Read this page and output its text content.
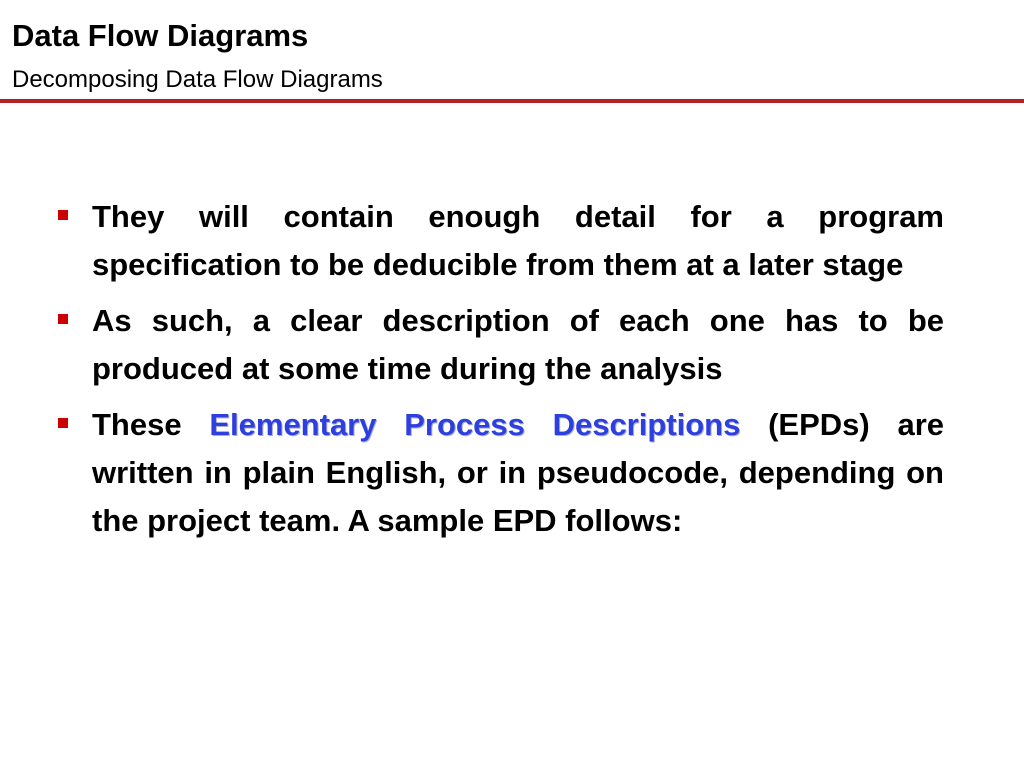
Data Flow Diagrams
Decomposing Data Flow Diagrams
They will contain enough detail for a program specification to be deducible from them at a later stage
As such, a clear description of each one has to be produced at some time during the analysis
These Elementary Process Descriptions (EPDs) are written in plain English, or in pseudocode, depending on the project team. A sample EPD follows:
